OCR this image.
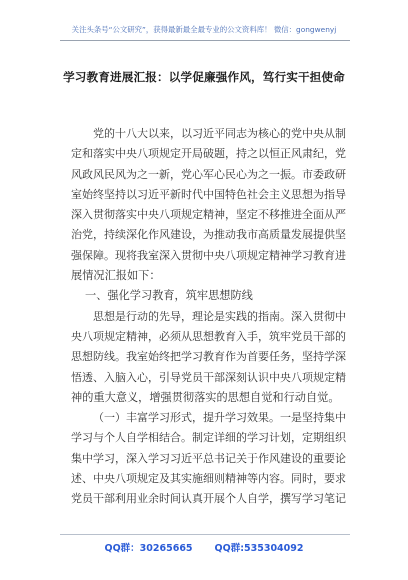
关注头条号“公文研究”，获得最新最全最专业的公文资料库！ 微信：gongwenyj
学习教育进展汇报：以学促廉强作风，笃行实干担使命
党的十八大以来，以习近平同志为核心的党中央从制
定和落实中央八项规定开局破题，持之以恒正风肃纪，党
风政风民风为之一新，党心军心民心为之一振。市委政研
室始终坚持以习近平新时代中国特色社会主义思想为指导
深入贯彻落实中央八项规定精神，坚定不移推进全面从严
治党，持续深化作风建设，为推动我市高质量发展提供坚
强保障。现将我室深入贯彻中央八项规定精神学习教育进
展情况汇报如下：
一、强化学习教育，筑牢思想防线
思想是行动的先导，理论是实践的指南。深入贯彻中
央八项规定精神，必须从思想教育入手，筑牢党员干部的
思想防线。我室始终把学习教育作为首要任务，坚持学深
悟透、入脑入心，引导党员干部深刻认识中央八项规定精
神的重大意义，增强贯彻落实的思想自觉和行动自觉。
（一）丰富学习形式，提升学习效果。一是坚持集中
学习与个人自学相结合。制定详细的学习计划，定期组织
集中学习，深入学习习近平总书记关于作风建设的重要论
述、中央八项规定及其实施细则精神等内容。同时，要求
党员干部利用业余时间认真开展个人自学，撰写学习笔记
QQ群：30265665 QQ群:535304092
